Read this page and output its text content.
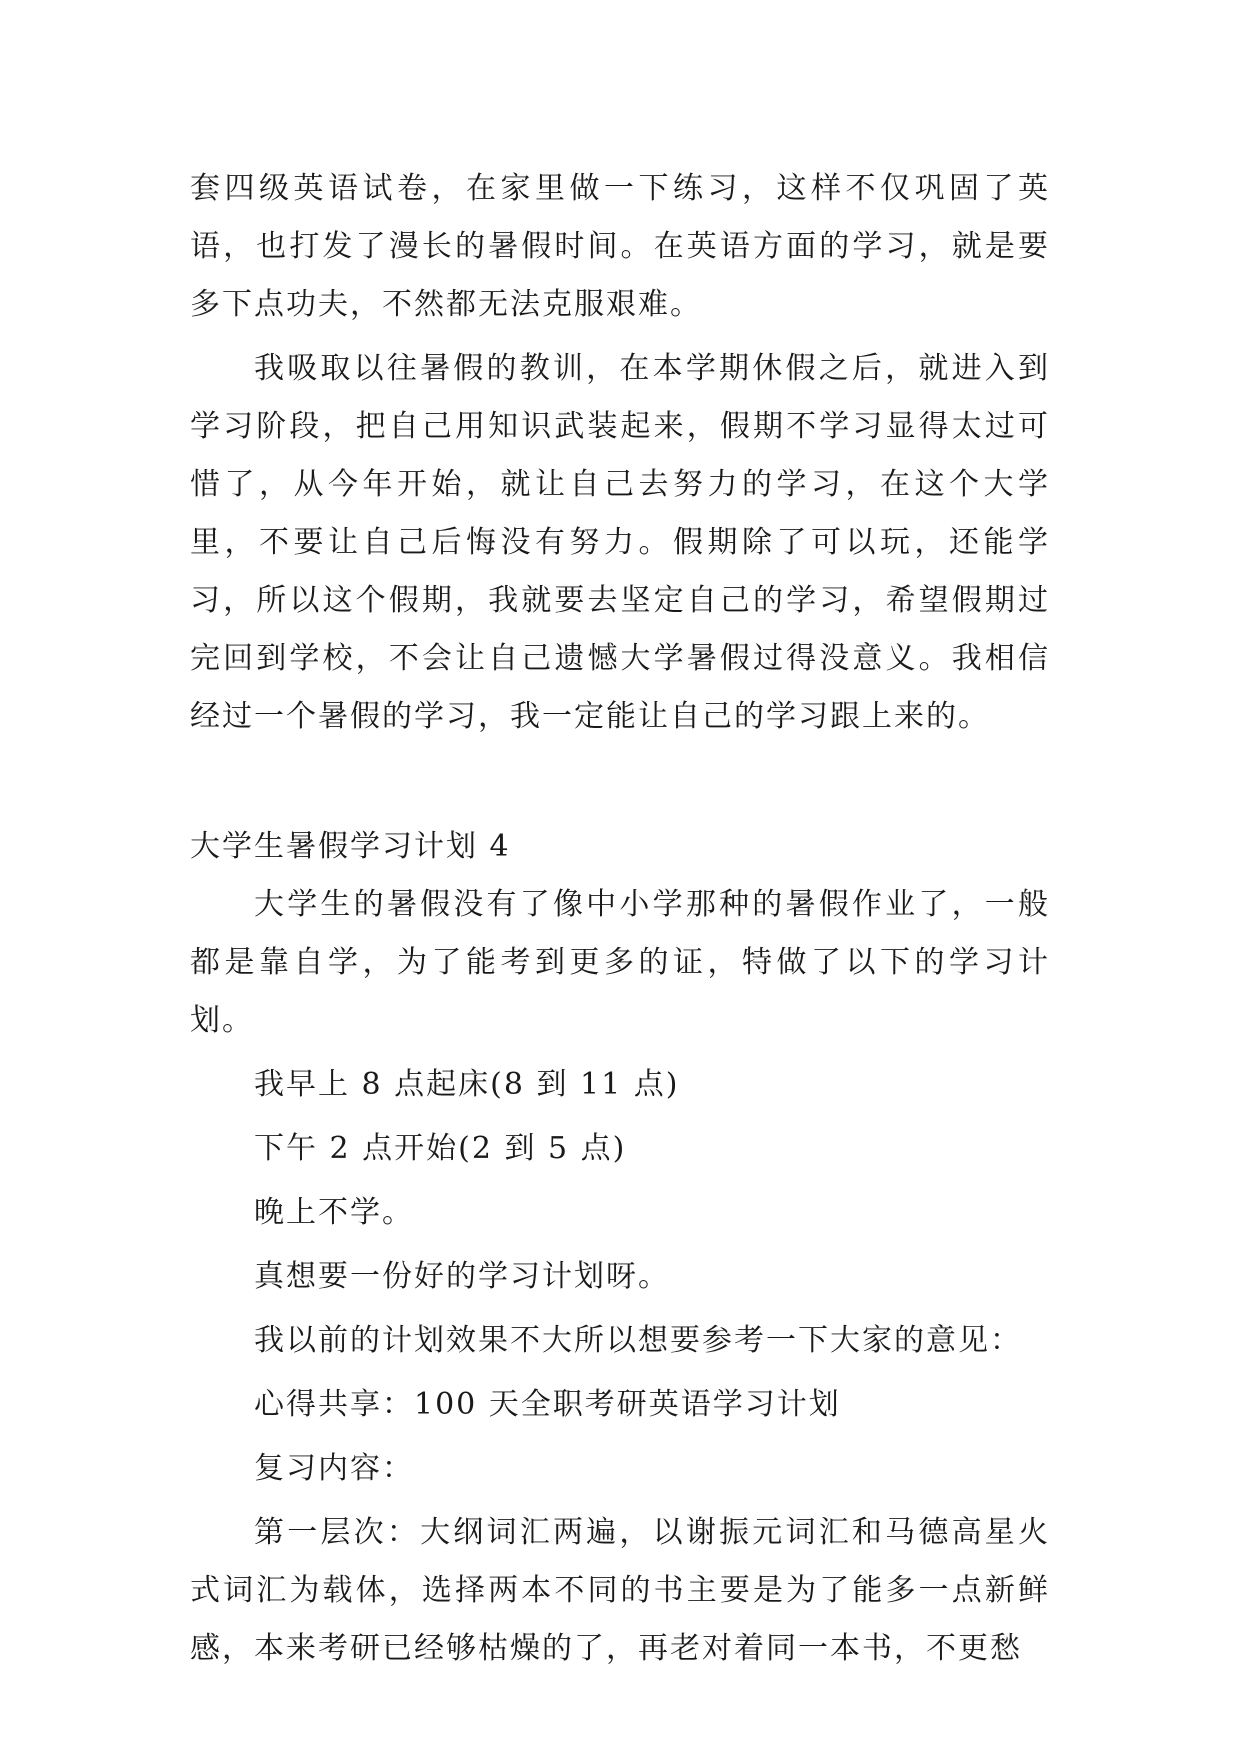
套四级英语试卷，在家里做一下练习，这样不仅巩固了英语，也打发了漫长的暑假时间。在英语方面的学习，就是要多下点功夫，不然都无法克服艰难。

我吸取以往暑假的教训，在本学期休假之后，就进入到学习阶段，把自己用知识武装起来，假期不学习显得太过可惜了，从今年开始，就让自己去努力的学习，在这个大学里，不要让自己后悔没有努力。假期除了可以玩，还能学习，所以这个假期，我就要去坚定自己的学习，希望假期过完回到学校，不会让自己遗憾大学暑假过得没意义。我相信经过一个暑假的学习，我一定能让自己的学习跟上来的。

大学生暑假学习计划 4

大学生的暑假没有了像中小学那种的暑假作业了，一般都是靠自学，为了能考到更多的证，特做了以下的学习计划。

我早上 8 点起床(8 到 11 点)

下午 2 点开始(2 到 5 点)

晚上不学。

真想要一份好的学习计划呀。

我以前的计划效果不大所以想要参考一下大家的意见：

心得共享：100 天全职考研英语学习计划

复习内容：

第一层次：大纲词汇两遍，以谢振元词汇和马德高星火式词汇为载体，选择两本不同的书主要是为了能多一点新鲜感，本来考研已经够枯燥的了，再老对着同一本书，不更愁
